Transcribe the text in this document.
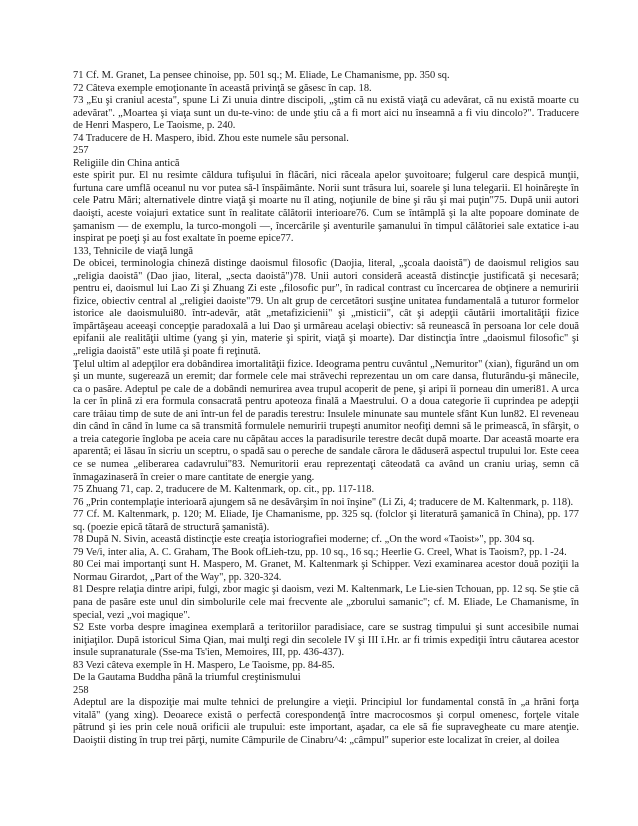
71 Cf. M. Granet, La pensee chinoise, pp. 501 sq.; M. Eliade, Le Chamanisme, pp. 350 sq.

72 Câteva exemple emoţionante în această privinţă se găsesc în cap. 18.

73 „Eu şi craniul acesta", spune Li Zi unuia dintre discipoli, „ştim că nu există viaţă cu adevărat, că nu există moarte cu adevărat". „Moartea şi viaţa sunt un du-te-vino: de unde ştiu că a fi mort aici nu înseamnă a fi viu dincolo?". Traducere de Henri Maspero, Le Taoisme, p. 240.

74 Traducere de H. Maspero, ibid. Zhou este numele său personal.

257

Religiile din China antică

este spirit pur. El nu resimte căldura tufişului în flăcări, nici răceala apelor şuvoitoare; fulgerul care despică munţii, furtuna care umflă oceanul nu vor putea să-l înspăimânte. Norii sunt trăsura lui, soarele şi luna telegarii. El hoinăreşte în cele Patru Mări; alternativele dintre viaţă şi moarte nu îl ating, noţiunile de bine şi rău şi mai puţin"75. După unii autori daoişti, aceste voiajuri extatice sunt în realitate călătorii interioare76. Cum se întâmplă şi la alte popoare dominate de şamanism — de exemplu, la turco-mongoli —, încercările şi aventurile şamanului în timpul călătoriei sale extatice i-au inspirat pe poeţi şi au fost exaltate în poeme epice77.

133, Tehnicile de viaţă lungă

De obicei, terminologia chineză distinge daoismul filosofic (Daojia, literal, „şcoala daoistă") de daoismul religios sau „religia daoistă" (Dao jiao, literal, „secta daoistă")78. Unii autori consideră această distincţie justificată şi necesară; pentru ei, daoismul lui Lao Zi şi Zhuang Zi este „filosofic pur", în radical contrast cu încercarea de obţinere a nemuririi fizice, obiectiv central al „religiei daoiste"79. Un alt grup de cercetători susţine unitatea fundamentală a tuturor formelor istorice ale daoismului80. într-adevăr, atât „metafizicienii" şi „misticii", cât şi adepţii căutării imortalităţii fizice împărtăşeau aceeaşi concepţie paradoxală a lui Dao şi urmăreau acelaşi obiectiv: să reunească în persoana lor cele două epifanii ale realităţii ultime (yang şi yin, materie şi spirit, viaţă şi moarte). Dar distincţia între „daoismul filosofic" şi „religia daoistă" este utilă şi poate fi reţinută.

Ţelul ultim al adepţilor era dobândirea imortalităţii fizice. Ideograma pentru cuvântul „Nemuritor" (xian), figurând un om şi un munte, sugerează un eremit; dar formele cele mai străvechi reprezentau un om care dansa, fluturându-şi mânecile, ca o pasăre. Adeptul pe cale de a dobândi nemurirea avea trupul acoperit de pene, şi aripi îi porneau din umeri81. A urca la cer în plină zi era formula consacrată pentru apoteoza finală a Maestrului. O a doua categorie îi cuprindea pe adepţii care trăiau timp de sute de ani într-un fel de paradis terestru: Insulele minunate sau muntele sfânt Kun lun82. El reveneau din când în când în lume ca să transmită formulele nemuririi trupeşti anumitor neofiţi demni să le primească, în sfârşit, o a treia categorie îngloba pe aceia care nu căpătau acces la paradisurile terestre decât după moarte. Dar această moarte era aparentă; ei lăsau în sicriu un sceptru, o spadă sau o pereche de sandale cărora le dăduseră aspectul trupului lor. Este ceea ce se numea „eliberarea cadavrului"83. Nemuritorii erau reprezentaţi câteodată ca având un craniu uriaş, semn că înmagazinaseră în creier o mare cantitate de energie yang.

75 Zhuang 71, cap. 2, traducere de M. Kaltenmark, op. cit., pp. 117-118.

76 „Prin contemplaţie interioară ajungem să ne desăvârşim în noi înşine" (Li Zi, 4; traducere de M. Kaltenmark, p. 118).

77 Cf. M. Kaltenmark, p. 120; M. Eliade, Ije Chamanisme, pp. 325 sq. (folclor şi literatură şamanică în China), pp. 177 sq. (poezie epică tătară de structură şamanistă).

78 După N. Sivin, această distincţie este creaţia istoriografiei moderne; cf. „On the word «Taoist»", pp. 304 sq.

79 Ve/i, inter alia, A. C. Graham, The Book ofLieh-tzu, pp. 10 sq., 16 sq.; Heerlie G. Creel, What is Taoism?, pp. l -24.

80 Cei mai importanţi sunt H. Maspero, M. Granet, M. Kaltenmark şi Schipper. Vezi examinarea acestor două poziţii la Normau Girardot, „Part of the Way", pp. 320-324.

81 Despre relaţia dintre aripi, fulgi, zbor magic şi daoism, vezi M. Kaltenmark, Le Lie-sien Tchouan, pp. 12 sq. Se ştie că pana de pasăre este unul din simbolurile cele mai frecvente ale „zborului samanic"; cf. M. Eliade, Le Chamanisme, în special, vezi „voi magique".

S2 Este vorba despre imaginea exemplară a teritoriilor paradisiace, care se sustrag timpului şi sunt accesibile numai iniţiaţilor. După istoricul Sima Qian, mai mulţi regi din secolele IV şi III î.Hr. ar fi trimis expediţii întru căutarea acestor insule supranaturale (Sse-ma Ts'ien, Memoires, III, pp. 436-437).

83 Vezi câteva exemple în H. Maspero, Le Taoisme, pp. 84-85.

De la Gautama Buddha până la triumful creştinismului

258

Adeptul are la dispoziţie mai multe tehnici de prelungire a vieţii. Principiul lor fundamental constă în „a hrăni forţa vitală" (yang xing). Deoarece există o perfectă corespondenţă între macrocosmos şi corpul omenesc, forţele vitale pătrund şi ies prin cele nouă orificii ale trupului: este important, aşadar, ca ele să fie supravegheate cu mare atenţie. Daoiştii disting în trup trei părţi, numite Câmpurile de Cinabru^4: „câmpul" superior este localizat în creier, al doilea
